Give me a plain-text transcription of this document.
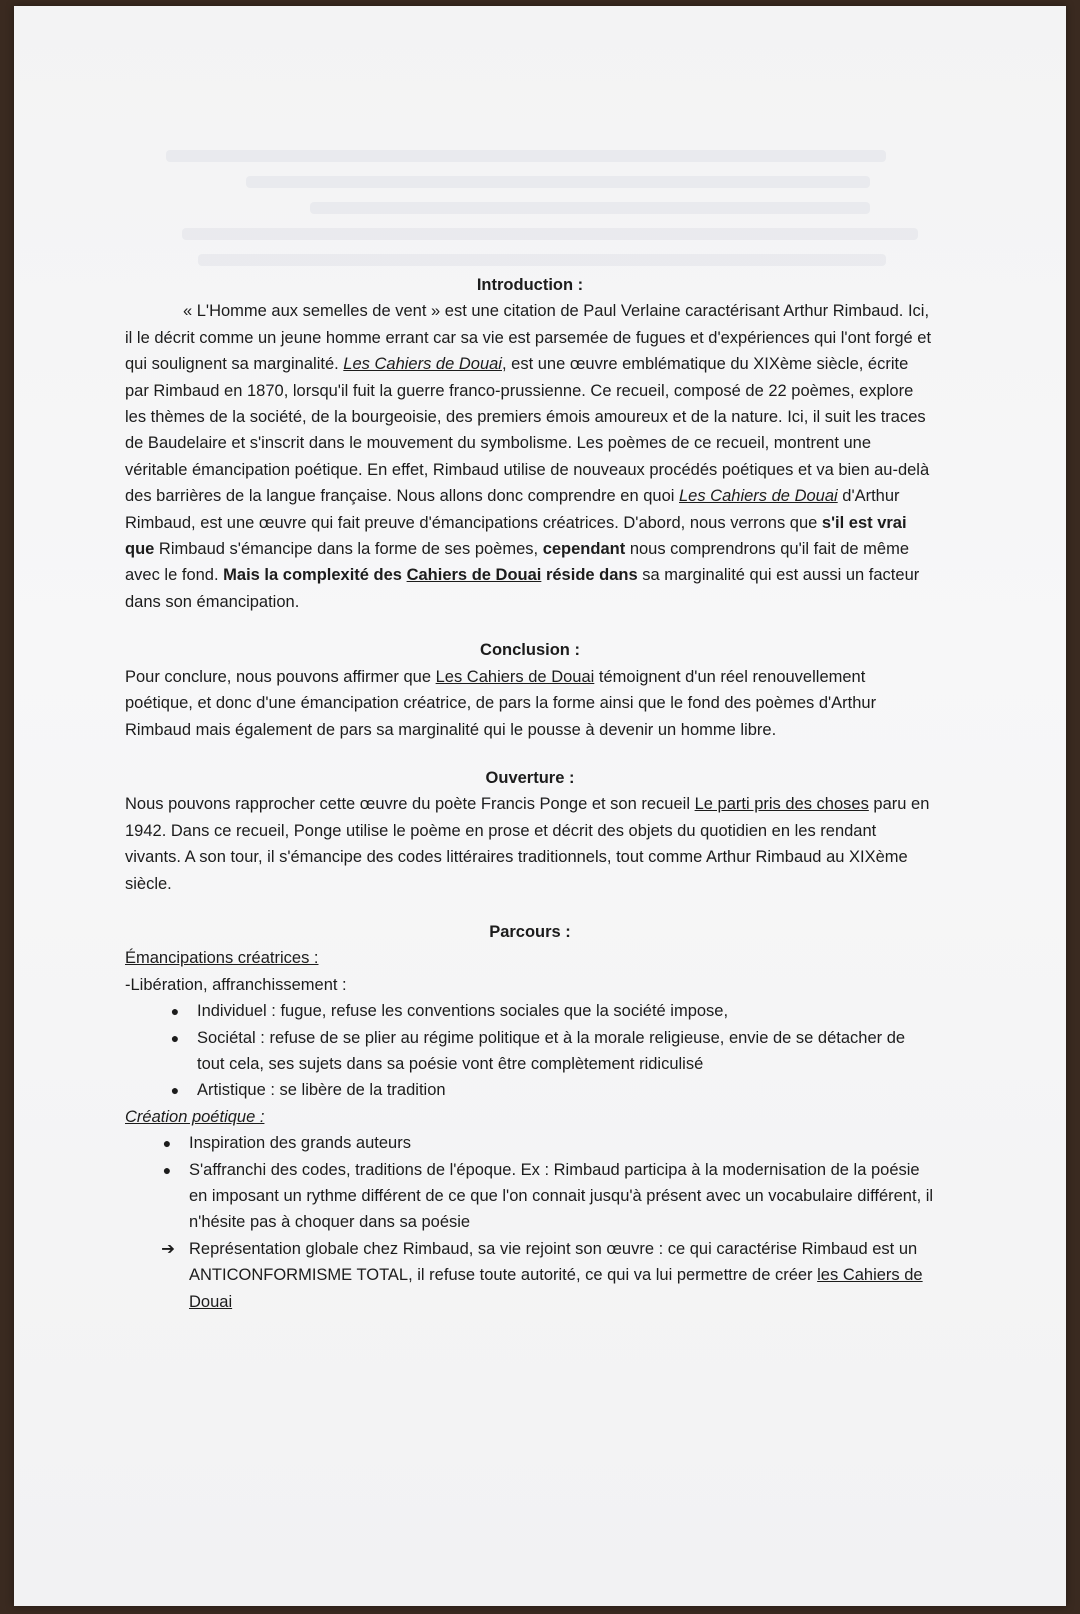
Introduction :

« L'Homme aux semelles de vent » est une citation de Paul Verlaine caractérisant Arthur Rimbaud. Ici, il le décrit comme un jeune homme errant car sa vie est parsemée de fugues et d'expériences qui l'ont forgé et qui soulignent sa marginalité. Les Cahiers de Douai, est une œuvre emblématique du XIXème siècle, écrite par Rimbaud en 1870, lorsqu'il fuit la guerre franco-prussienne. Ce recueil, composé de 22 poèmes, explore les thèmes de la société, de la bourgeoisie, des premiers émois amoureux et de la nature. Ici, il suit les traces de Baudelaire et s'inscrit dans le mouvement du symbolisme. Les poèmes de ce recueil, montrent une véritable émancipation poétique. En effet, Rimbaud utilise de nouveaux procédés poétiques et va bien au-delà des barrières de la langue française. Nous allons donc comprendre en quoi Les Cahiers de Douai d'Arthur Rimbaud, est une œuvre qui fait preuve d'émancipations créatrices. D'abord, nous verrons que s'il est vrai que Rimbaud s'émancipe dans la forme de ses poèmes, cependant nous comprendrons qu'il fait de même avec le fond. Mais la complexité des Cahiers de Douai réside dans sa marginalité qui est aussi un facteur dans son émancipation.

Conclusion :

Pour conclure, nous pouvons affirmer que Les Cahiers de Douai témoignent d'un réel renouvellement poétique, et donc d'une émancipation créatrice, de pars la forme ainsi que le fond des poèmes d'Arthur Rimbaud mais également de pars sa marginalité qui le pousse à devenir un homme libre.

Ouverture :

Nous pouvons rapprocher cette œuvre du poète Francis Ponge et son recueil Le parti pris des choses paru en 1942. Dans ce recueil, Ponge utilise le poème en prose et décrit des objets du quotidien en les rendant vivants. A son tour, il s'émancipe des codes littéraires traditionnels, tout comme Arthur Rimbaud au XIXème siècle.

Parcours :

Émancipations créatrices :

-Libération, affranchissement :

●	Individuel : fugue, refuse les conventions sociales que la société impose,
●	Sociétal : refuse de se plier au régime politique et à la morale religieuse, envie de se détacher de tout cela, ses sujets dans sa poésie vont être complètement ridiculisé
●	Artistique : se libère de la tradition

Création poétique :

●	Inspiration des grands auteurs
●	S'affranchi des codes, traditions de l'époque. Ex : Rimbaud participa à la modernisation de la poésie en imposant un rythme différent de ce que l'on connait jusqu'à présent avec un vocabulaire différent, il n'hésite pas à choquer dans sa poésie
➔ Représentation globale chez Rimbaud, sa vie rejoint son œuvre : ce qui caractérise Rimbaud est un ANTICONFORMISME TOTAL, il refuse toute autorité, ce qui va lui permettre de créer les Cahiers de Douai
